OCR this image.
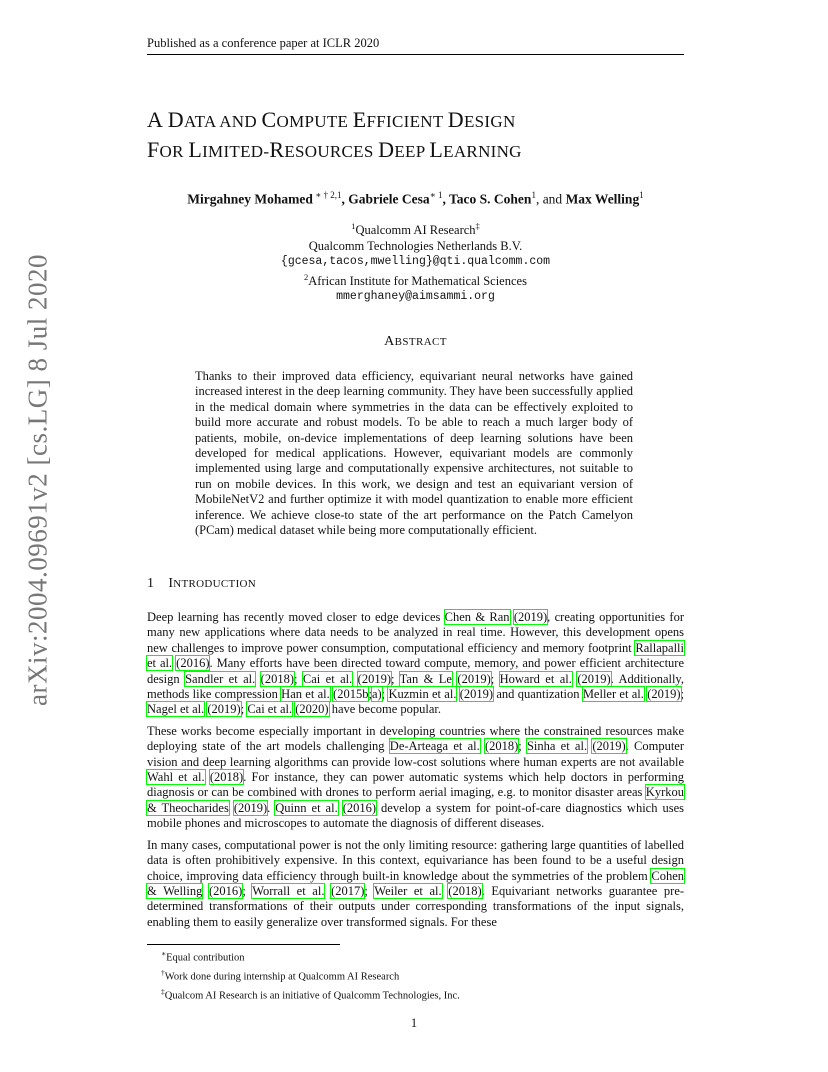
Published as a conference paper at ICLR 2020
arXiv:2004.09691v2 [cs.LG] 8 Jul 2020
A DATA AND COMPUTE EFFICIENT DESIGN
FOR LIMITED-RESOURCES DEEP LEARNING
Mirgahney Mohamed $^{∗ \dagger 2,1}$, Gabriele Cesa$^{∗ 1}$, Taco S. Cohen$^1$, and Max Welling$^1$
$^1$Qualcomm AI Research‡
Qualcomm Technologies Netherlands B.V.
{gcesa,tacos,mwelling}@qti.qualcomm.com
$^2$African Institute for Mathematical Sciences
mmerghaney@aimsammi.org
ABSTRACT
Thanks to their improved data efficiency, equivariant neural networks have gained increased interest in the deep learning community. They have been successfully applied in the medical domain where symmetries in the data can be effectively exploited to build more accurate and robust models. To be able to reach a much larger body of patients, mobile, on-device implementations of deep learning solutions have been developed for medical applications. However, equivariant models are commonly implemented using large and computationally expensive architectures, not suitable to run on mobile devices. In this work, we design and test an equivariant version of MobileNetV2 and further optimize it with model quantization to enable more efficient inference. We achieve close-to state of the art performance on the Patch Camelyon (PCam) medical dataset while being more computationally efficient.
1 INTRODUCTION

Deep learning has recently moved closer to edge devices Chen & Ran (2019), creating opportunities for many new applications where data needs to be analyzed in real time. However, this development opens new challenges to improve power consumption, computational efficiency and memory footprint Rallapalli et al. (2016). Many efforts have been directed toward compute, memory, and power efficient architecture design Sandler et al. (2018); Cai et al. (2019); Tan & Le (2019); Howard et al. (2019). Additionally, methods like compression Han et al. (2015b;a); Kuzmin et al. (2019) and quantization Meller et al. (2019); Nagel et al. (2019); Cai et al. (2020) have become popular.

These works become especially important in developing countries where the constrained resources make deploying state of the art models challenging De-Arteaga et al. (2018); Sinha et al. (2019). Computer vision and deep learning algorithms can provide low-cost solutions where human experts are not available Wahl et al. (2018). For instance, they can power automatic systems which help doctors in performing diagnosis or can be combined with drones to perform aerial imaging, e.g. to monitor disaster areas Kyrkou & Theocharides (2019). Quinn et al. (2016) develop a system for point-of-care diagnostics which uses mobile phones and microscopes to automate the diagnosis of different diseases.

In many cases, computational power is not the only limiting resource: gathering large quantities of labelled data is often prohibitively expensive. In this context, equivariance has been found to be a useful design choice, improving data efficiency through built-in knowledge about the symmetries of the problem Cohen & Welling (2016); Worrall et al. (2017); Weiler et al. (2018). Equivariant networks guarantee pre-determined transformations of their outputs under corresponding transformations of the input signals, enabling them to easily generalize over transformed signals. For these

∗Equal contribution
†Work done during internship at Qualcomm AI Research
‡Qualcom AI Research is an initiative of Qualcomm Technologies, Inc.
1
